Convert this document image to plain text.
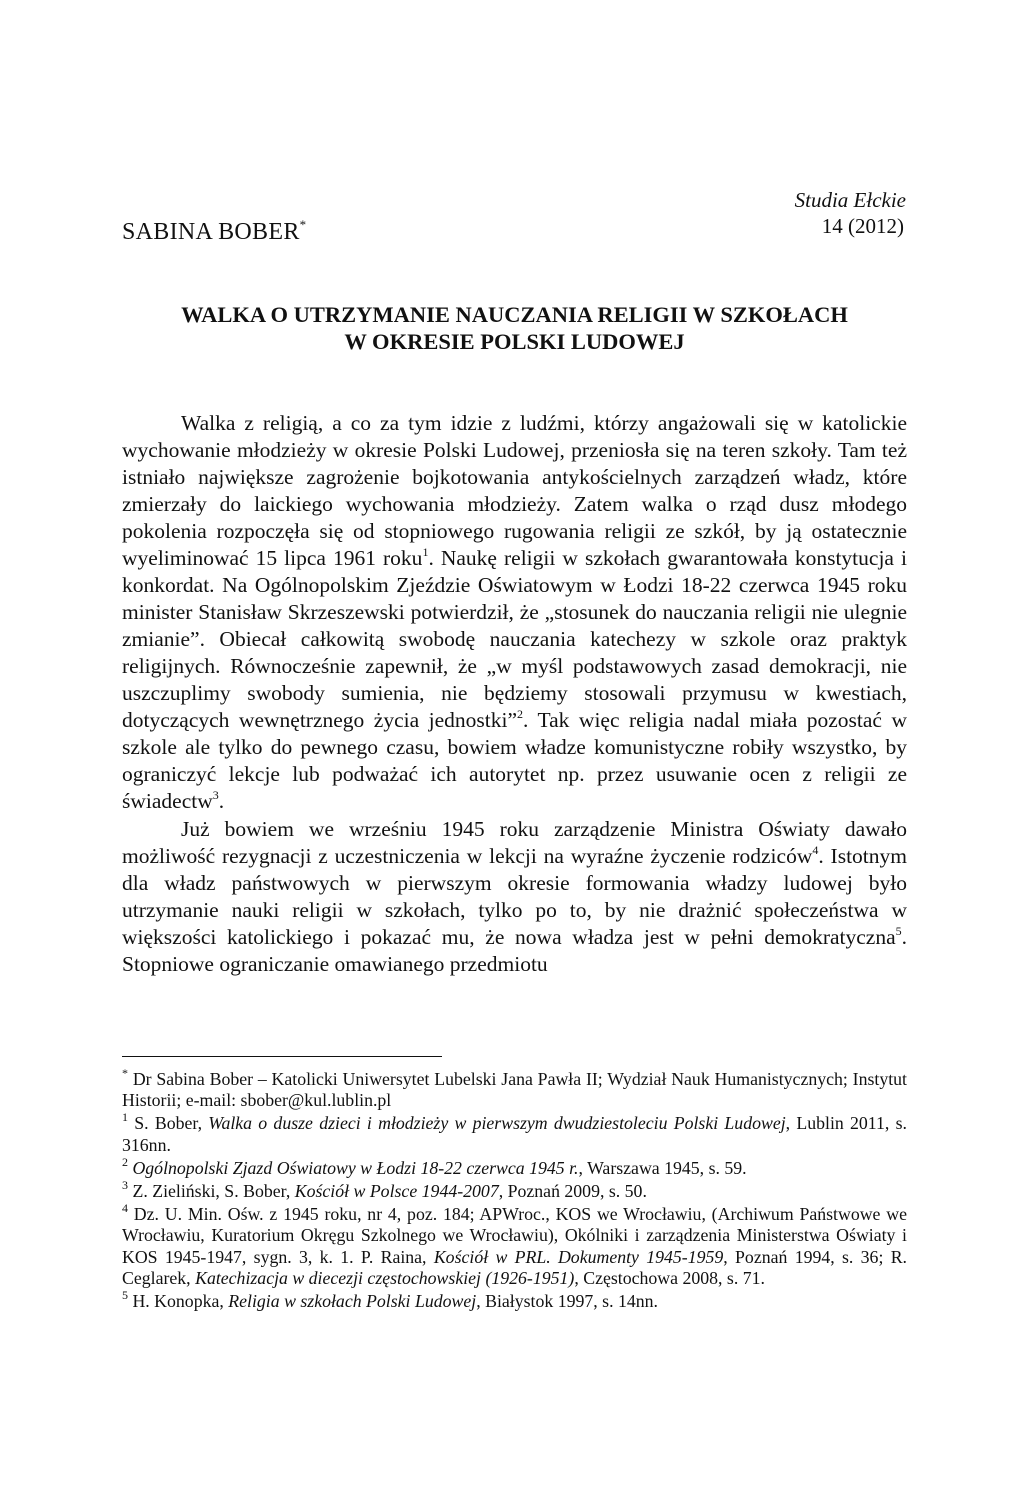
Studia Ełckie
14 (2012)
SABINA BOBER*
WALKA O UTRZYMANIE NAUCZANIA RELIGII W SZKOŁACH
W OKRESIE POLSKI LUDOWEJ

Walka z religią, a co za tym idzie z ludźmi, którzy angażowali się w katolickie wychowanie młodzieży w okresie Polski Ludowej, przeniosła się na teren szkoły. Tam też istniało największe zagrożenie bojkotowania antykościelnych zarządzeń władz, które zmierzały do laickiego wychowania młodzieży. Zatem walka o rząd dusz młodego pokolenia rozpoczęła się od stopniowego rugowania religii ze szkół, by ją ostatecznie wyeliminować 15 lipca 1961 roku$^1$. Naukę religii w szkołach gwarantowała konstytucja i konkordat. Na Ogólnopolskim Zjeździe Oświatowym w Łodzi 18-22 czerwca 1945 roku minister Stanisław Skrzeszewski potwierdził, że „stosunek do nauczania religii nie ulegnie zmianie”. Obiecał całkowitą swobodę nauczania katechezy w szkole oraz praktyk religijnych. Równocześnie zapewnił, że „w myśl podstawowych zasad demokracji, nie uszczuplimy swobody sumienia, nie będziemy stosowali przymusu w kwestiach, dotyczących wewnętrznego życia jednostki”$^2$. Tak więc religia nadal miała pozostać w szkole ale tylko do pewnego czasu, bowiem władze komunistyczne robiły wszystko, by ograniczyć lekcje lub podważać ich autorytet np. przez usuwanie ocen z religii ze świadectw$^3$.

Już bowiem we wrześniu 1945 roku zarządzenie Ministra Oświaty dawało możliwość rezygnacji z uczestniczenia w lekcji na wyraźne życzenie rodziców$^4$. Istotnym dla władz państwowych w pierwszym okresie formowania władzy ludowej było utrzymanie nauki religii w szkołach, tylko po to, by nie drażnić społeczeństwa w większości katolickiego i pokazać mu, że nowa władza jest w pełni demokratyczna$^5$. Stopniowe ograniczanie omawianego przedmiotu

* Dr Sabina Bober – Katolicki Uniwersytet Lubelski Jana Pawła II; Wydział Nauk Humanistycznych; Instytut Historii; e-mail: sbober@kul.lublin.pl

$^1$ S. Bober, Walka o dusze dzieci i młodzieży w pierwszym dwudziestoleciu Polski Ludowej, Lublin 2011, s. 316nn.

$^2$ Ogólnopolski Zjazd Oświatowy w Łodzi 18-22 czerwca 1945 r., Warszawa 1945, s. 59.

$^3$ Z. Zieliński, S. Bober, Kościół w Polsce 1944-2007, Poznań 2009, s. 50.

$^4$ Dz. U. Min. Ośw. z 1945 roku, nr 4, poz. 184; APWroc., KOS we Wrocławiu, (Archiwum Państwowe we Wrocławiu, Kuratorium Okręgu Szkolnego we Wrocławiu), Okólniki i zarządzenia Ministerstwa Oświaty i KOS 1945-1947, sygn. 3, k. 1. P. Raina, Kościół w PRL. Dokumenty 1945-1959, Poznań 1994, s. 36; R. Ceglarek, Katechizacja w diecezji częstochowskiej (1926-1951), Częstochowa 2008, s. 71.

$^5$ H. Konopka, Religia w szkołach Polski Ludowej, Białystok 1997, s. 14nn.
